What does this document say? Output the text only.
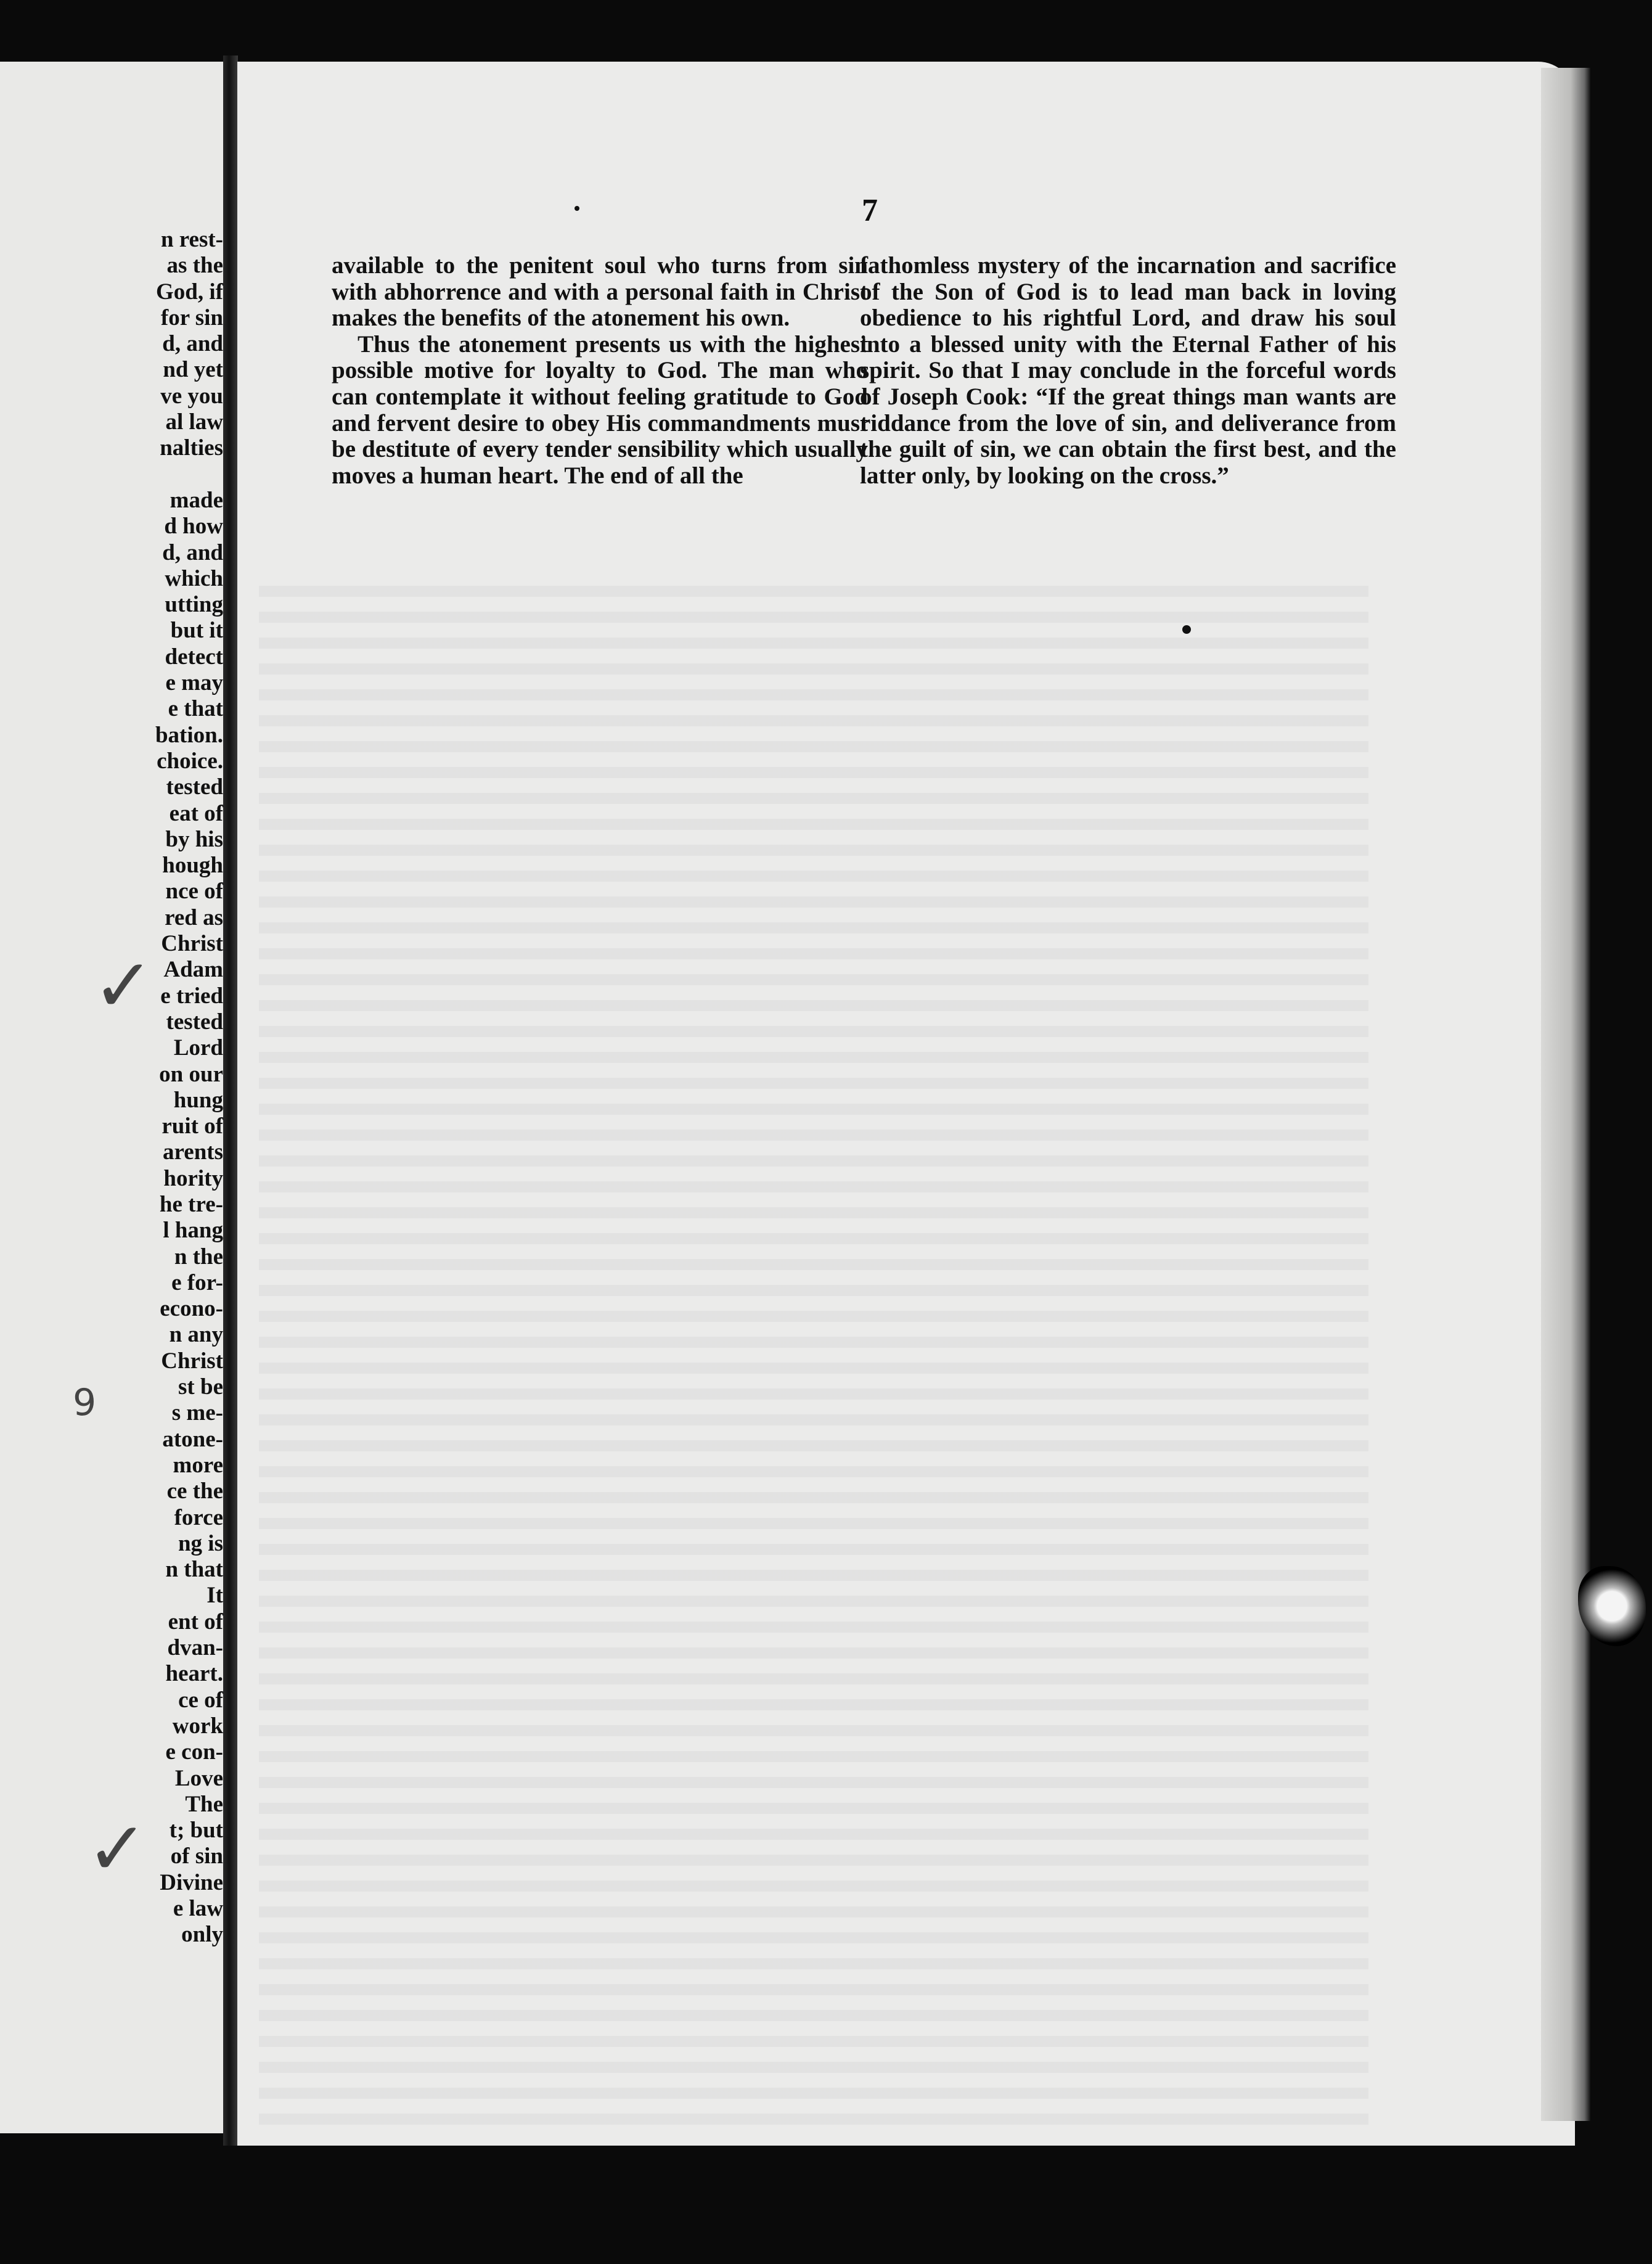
n rest-
as the
God, if
for sin
d, and
nd yet
ve you
al law
nalties

made
d how
d, and
which
utting
but it
detect
e may
e that
bation.
choice.
tested
eat of
by his
hough
nce of
red as
Christ
Adam
e tried
tested
Lord
on our
hung
ruit of
arents
hority
he tre-
l hang
n the
e for-
econo-
n any
Christ
st be
s me-
atone-
more
ce the
force
ng is
n that
It
ent of
dvan-
heart.
ce of
work
e con-
Love
The
t; but
of sin
Divine
e law
only
7

available to the penitent soul who turns from sin with abhorrence and with a personal faith in Christ makes the benefits of the atonement his own.

Thus the atonement presents us with the highest possible motive for loyalty to God. The man who can contemplate it without feeling gratitude to God and fervent desire to obey His commandments must be destitute of every tender sensibility which usually moves a human heart. The end of all the

fathomless mystery of the incarnation and sacrifice of the Son of God is to lead man back in loving obedience to his rightful Lord, and draw his soul into a blessed unity with the Eternal Father of his spirit. So that I may conclude in the forceful words of Joseph Cook: “If the great things man wants are riddance from the love of sin, and deliverance from the guilt of sin, we can obtain the first best, and the latter only, by looking on the cross.”

✓
9
✓
